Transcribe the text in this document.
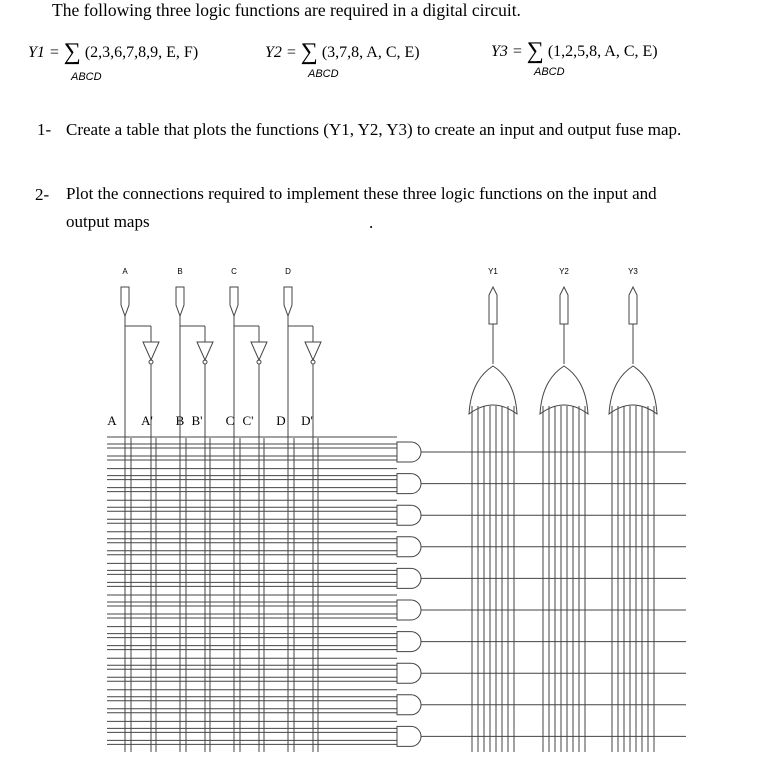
The following three logic functions are required in a digital circuit.
Y1 = ∑ (2,3,6,7,8,9, E, F)
ABCD
Y2 = ∑ (3,7,8, A, C, E)
ABCD
Y3 = ∑ (1,2,5,8, A, C, E)
ABCD
1- Create a table that plots the functions (Y1, Y2, Y3) to create an input and output fuse map.
2- Plot the connections required to implement these three logic functions on the input and output maps	.
A	B	C	D
A A' B B' C C' D D'
Y1	Y2	Y3
